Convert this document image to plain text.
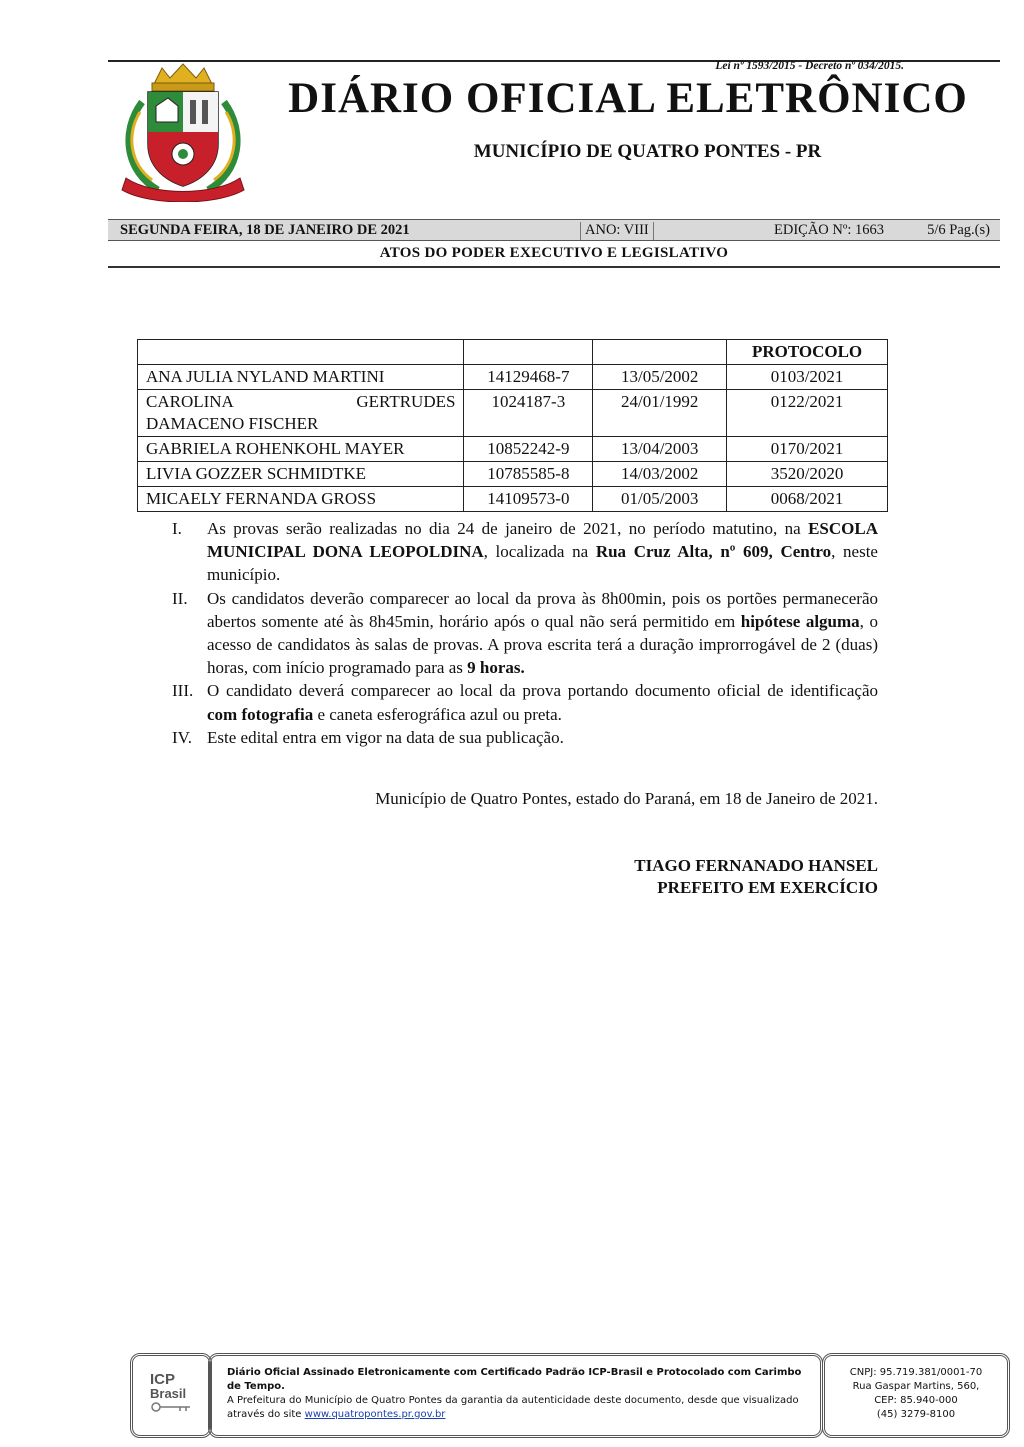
Lei nº 1593/2015 - Decreto nº 034/2015.
DIÁRIO OFICIAL ELETRÔNICO
MUNICÍPIO DE QUATRO PONTES - PR
SEGUNDA FEIRA, 18 DE JANEIRO DE 2021	ANO: VIII	EDIÇÃO Nº: 1663	5/6 Pag.(s)
ATOS DO PODER EXECUTIVO E LEGISLATIVO
			PROTOCOLO
ANA JULIA NYLAND MARTINI	14129468-7	13/05/2002	0103/2021

CAROLINA GERTRUDES
DAMACENO FISCHER	1024187-3	24/01/1992	0122/2021
GABRIELA ROHENKOHL MAYER	10852242-9	13/04/2003	0170/2021
LIVIA GOZZER SCHMIDTKE	10785585-8	14/03/2002	3520/2020
MICAELY FERNANDA GROSS	14109573-0	01/05/2003	0068/2021
I.	As provas serão realizadas no dia 24 de janeiro de 2021, no período matutino, na ESCOLA MUNICIPAL DONA LEOPOLDINA, localizada na Rua Cruz Alta, nº 609, Centro, neste município.
II.	Os candidatos deverão comparecer ao local da prova às 8h00min, pois os portões permanecerão abertos somente até às 8h45min, horário após o qual não será permitido em hipótese alguma, o acesso de candidatos às salas de provas. A prova escrita terá a duração improrrogável de 2 (duas) horas, com início programado para as 9 horas.
III. O candidato deverá comparecer ao local da prova portando documento oficial de identificação com fotografia e caneta esferográfica azul ou preta.
IV. Este edital entra em vigor na data de sua publicação.
Município de Quatro Pontes, estado do Paraná, em 18 de Janeiro de 2021.
TIAGO FERNANADO HANSEL
PREFEITO EM EXERCÍCIO
ICP
Brasil
Diário Oficial Assinado Eletronicamente com Certificado Padrão ICP-Brasil e Protocolado com Carimbo de Tempo.
A Prefeitura do Município de Quatro Pontes da garantia da autenticidade deste documento, desde que visualizado
através do site www.quatropontes.pr.gov.br
CNPJ: 95.719.381/0001-70
Rua Gaspar Martins, 560,
CEP: 85.940-000
(45) 3279-8100
